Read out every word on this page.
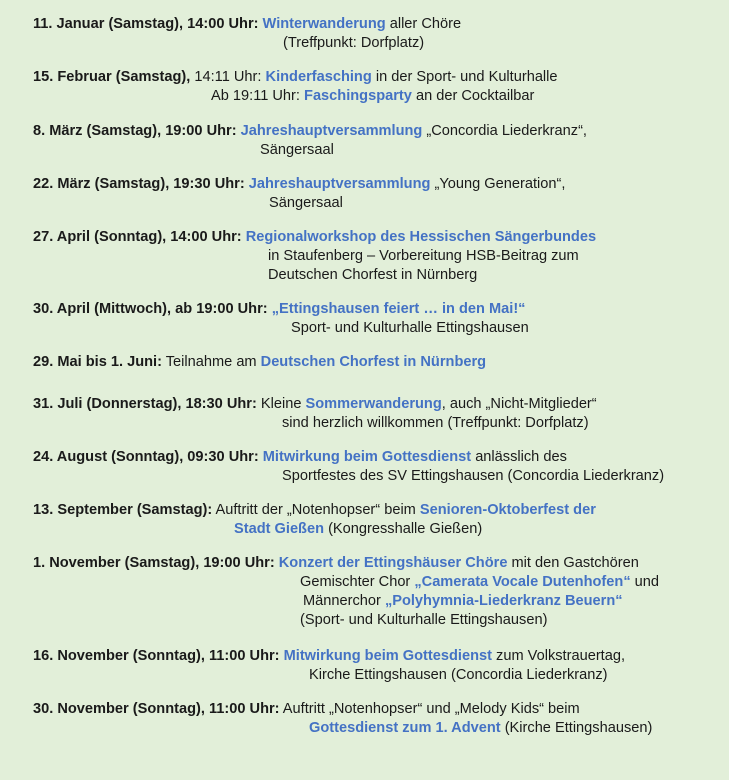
11. Januar (Samstag), 14:00 Uhr: Winterwanderung aller Chöre
(Treffpunkt: Dorfplatz)
15. Februar (Samstag), 14:11 Uhr: Kinderfasching in der Sport- und Kulturhalle
Ab 19:11 Uhr: Faschingsparty an der Cocktailbar
8. März (Samstag), 19:00 Uhr: Jahreshauptversammlung „Concordia Liederkranz“,
Sängersaal
22. März (Samstag), 19:30 Uhr: Jahreshauptversammlung „Young Generation“,
Sängersaal
27. April (Sonntag), 14:00 Uhr: Regionalworkshop des Hessischen Sängerbundes
in Staufenberg – Vorbereitung HSB-Beitrag zum
Deutschen Chorfest in Nürnberg
30. April (Mittwoch), ab 19:00 Uhr: „Ettingshausen feiert … in den Mai!“
Sport- und Kulturhalle Ettingshausen
29. Mai bis 1. Juni: Teilnahme am Deutschen Chorfest in Nürnberg
31. Juli (Donnerstag), 18:30 Uhr: Kleine Sommerwanderung, auch „Nicht-Mitglieder“
sind herzlich willkommen (Treffpunkt: Dorfplatz)
24. August (Sonntag), 09:30 Uhr: Mitwirkung beim Gottesdienst anlässlich des
Sportfestes des SV Ettingshausen (Concordia Liederkranz)
13. September (Samstag): Auftritt der „Notenhopser“ beim Senioren-Oktoberfest der
Stadt Gießen (Kongresshalle Gießen)
1. November (Samstag), 19:00 Uhr: Konzert der Ettingshäuser Chöre mit den Gastchören
Gemischter Chor „Camerata Vocale Dutenhofen“ und
Männerchor „Polyhymnia-Liederkranz Beuern“
(Sport- und Kulturhalle Ettingshausen)
16. November (Sonntag), 11:00 Uhr: Mitwirkung beim Gottesdienst zum Volkstrauertag,
Kirche Ettingshausen (Concordia Liederkranz)
30. November (Sonntag), 11:00 Uhr: Auftritt „Notenhopser“ und „Melody Kids“ beim
Gottesdienst zum 1. Advent (Kirche Ettingshausen)
